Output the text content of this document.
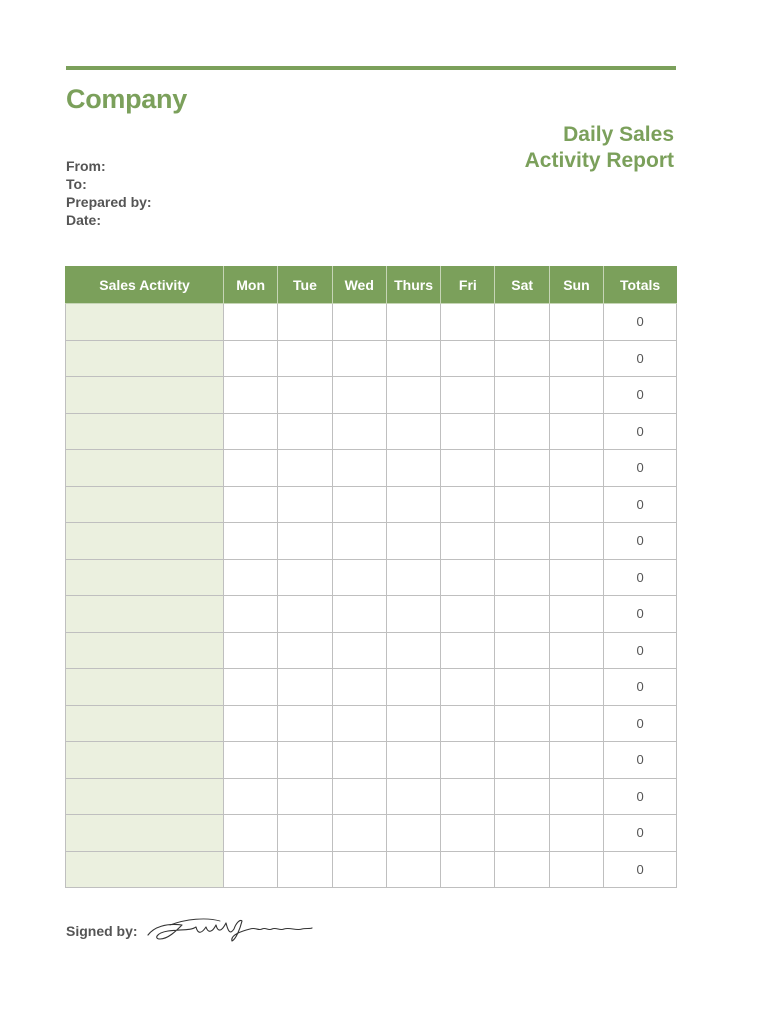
Company
Daily Sales
Activity Report
From:
To:
Prepared by:
Date:
Sales Activity	Mon	Tue	Wed	Thurs	Fri	Sat	Sun	Totals
								0
								0
								0
								0
								0
								0
								0
								0
								0
								0
								0
								0
								0
								0
								0
								0
Signed by:
